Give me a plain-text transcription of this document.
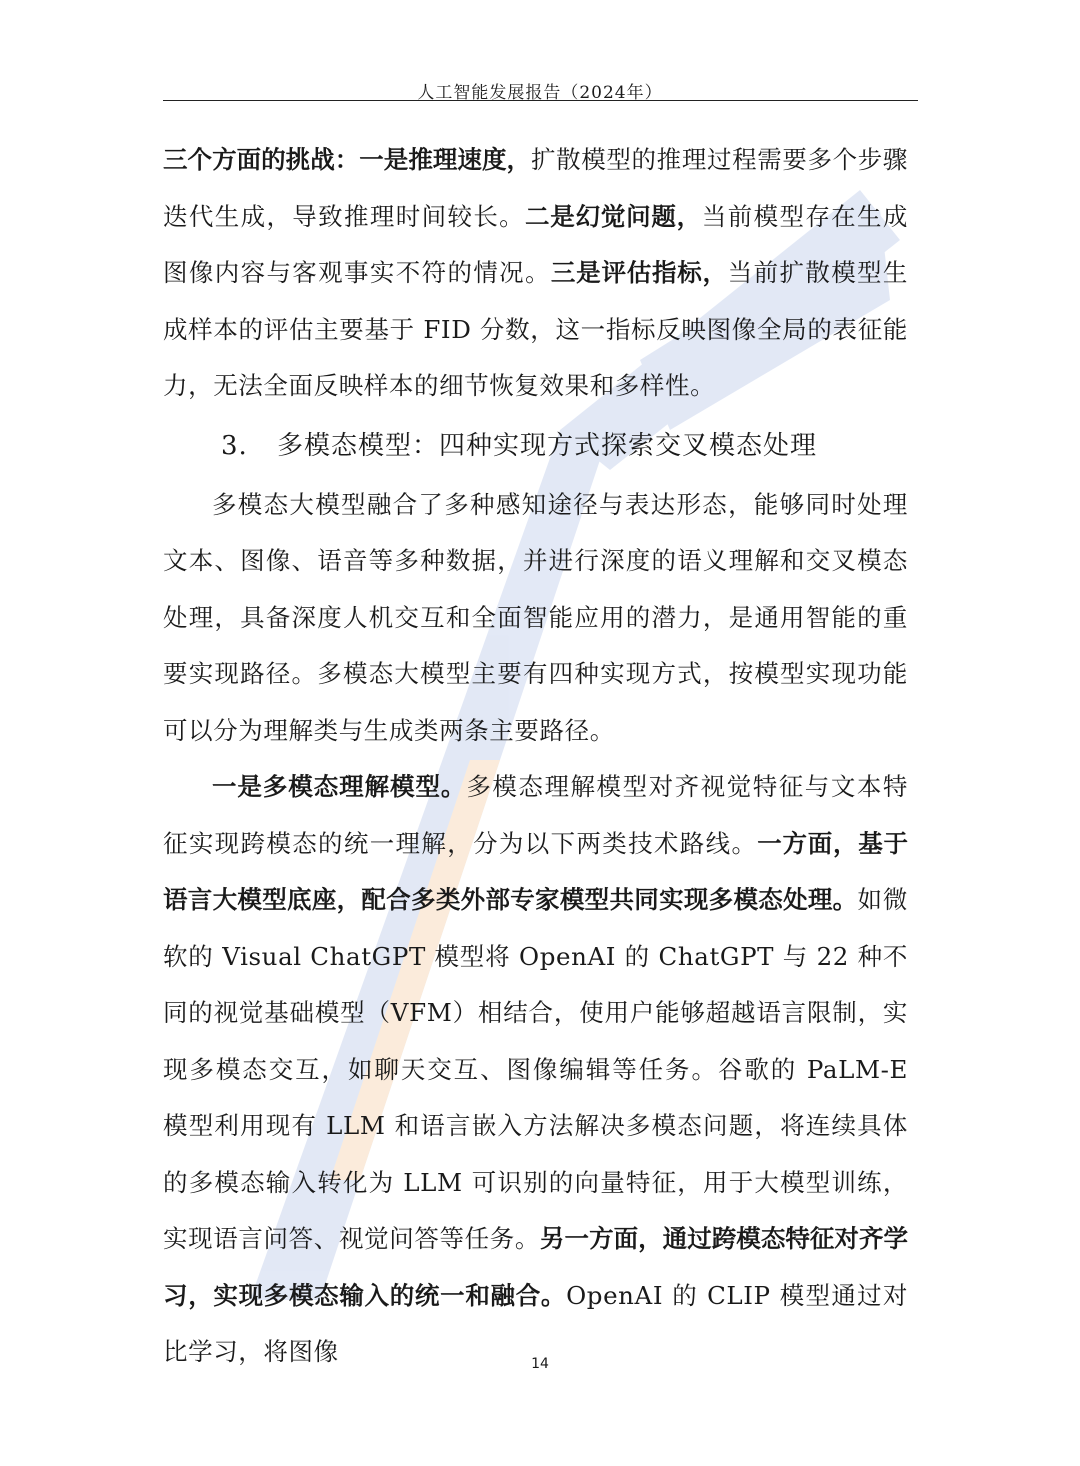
人工智能发展报告（2024年）

三个方面的挑战：一是推理速度，扩散模型的推理过程需要多个步骤迭代生成，导致推理时间较长。二是幻觉问题，当前模型存在生成图像内容与客观事实不符的情况。三是评估指标，当前扩散模型生成样本的评估主要基于 FID 分数，这一指标反映图像全局的表征能力，无法全面反映样本的细节恢复效果和多样性。

3. 多模态模型：四种实现方式探索交叉模态处理

多模态大模型融合了多种感知途径与表达形态，能够同时处理文本、图像、语音等多种数据，并进行深度的语义理解和交叉模态处理，具备深度人机交互和全面智能应用的潜力，是通用智能的重要实现路径。多模态大模型主要有四种实现方式，按模型实现功能可以分为理解类与生成类两条主要路径。

一是多模态理解模型。多模态理解模型对齐视觉特征与文本特征实现跨模态的统一理解，分为以下两类技术路线。一方面，基于语言大模型底座，配合多类外部专家模型共同实现多模态处理。如微软的 Visual ChatGPT 模型将 OpenAI 的 ChatGPT 与 22 种不同的视觉基础模型（VFM）相结合，使用户能够超越语言限制，实现多模态交互，如聊天交互、图像编辑等任务。谷歌的 PaLM-E 模型利用现有 LLM 和语言嵌入方法解决多模态问题，将连续具体的多模态输入转化为 LLM 可识别的向量特征，用于大模型训练，实现语言问答、视觉问答等任务。另一方面，通过跨模态特征对齐学习，实现多模态输入的统一和融合。OpenAI 的 CLIP 模型通过对比学习，将图像	14
